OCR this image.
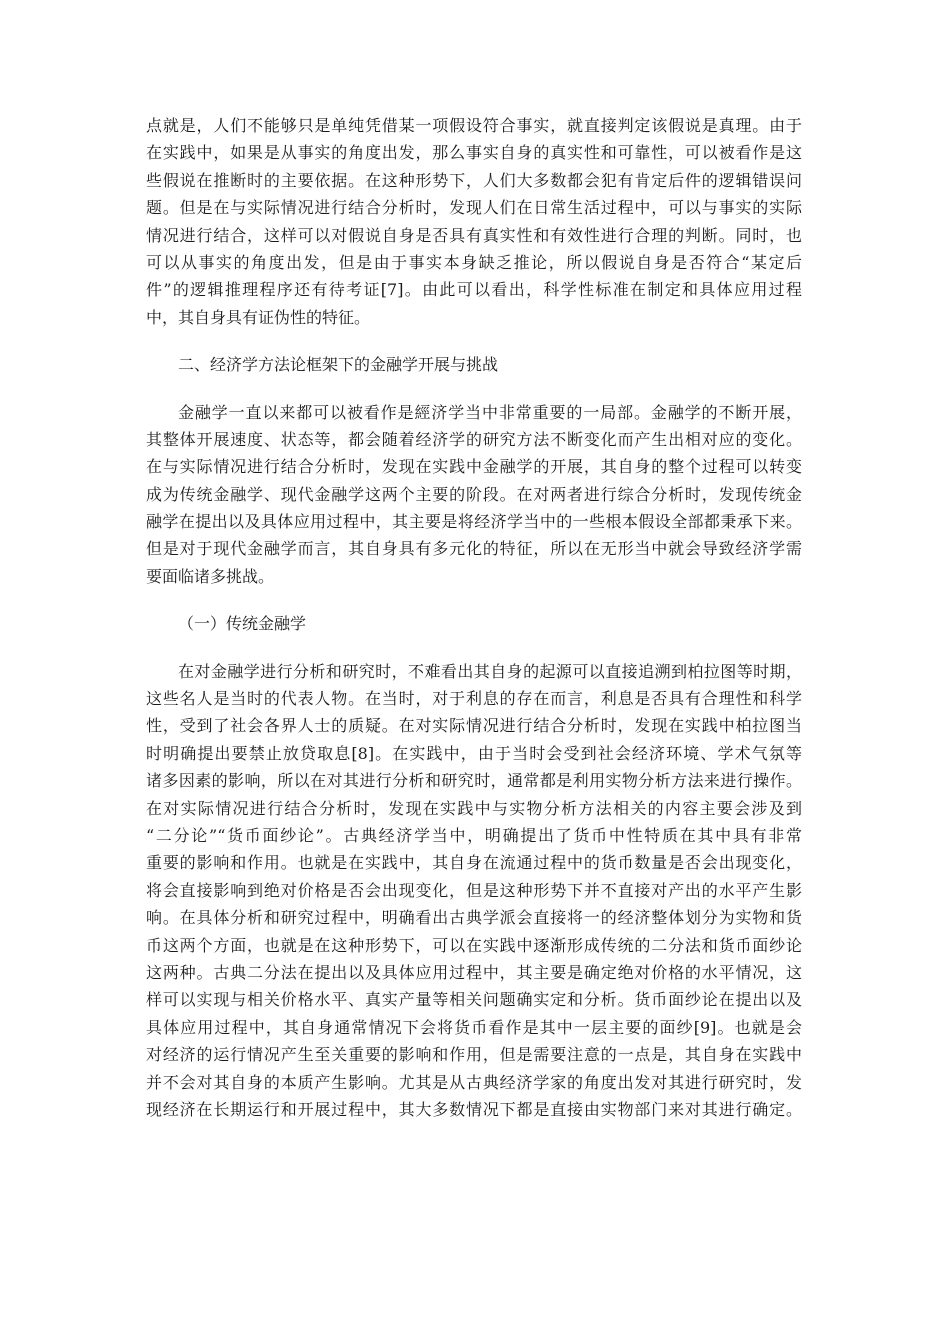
点就是，人们不能够只是单纯凭借某一项假设符合事实，就直接判定该假说是真理。由于
在实践中，如果是从事实的角度出发，那么事实自身的真实性和可靠性，可以被看作是这
些假说在推断时的主要依据。在这种形势下，人们大多数都会犯有肯定后件的逻辑错误问
题。但是在与实际情况进行结合分析时，发现人们在日常生活过程中，可以与事实的实际
情况进行结合，这样可以对假说自身是否具有真实性和有效性进行合理的判断。同时，也
可以从事实的角度出发，但是由于事实本身缺乏推论，所以假说自身是否符合“某定后
件”的逻辑推理程序还有待考证[7]。由此可以看出，科学性标准在制定和具体应用过程
中，其自身具有证伪性的特征。
二、经济学方法论框架下的金融学开展与挑战
金融学一直以来都可以被看作是經济学当中非常重要的一局部。金融学的不断开展，
其整体开展速度、状态等，都会随着经济学的研究方法不断变化而产生出相对应的变化。
在与实际情况进行结合分析时，发现在实践中金融学的开展，其自身的整个过程可以转变
成为传统金融学、现代金融学这两个主要的阶段。在对两者进行综合分析时，发现传统金
融学在提出以及具体应用过程中，其主要是将经济学当中的一些根本假设全部都秉承下来。
但是对于现代金融学而言，其自身具有多元化的特征，所以在无形当中就会导致经济学需
要面临诸多挑战。
（一）传统金融学
在对金融学进行分析和研究时，不难看出其自身的起源可以直接追溯到柏拉图等时期，
这些名人是当时的代表人物。在当时，对于利息的存在而言，利息是否具有合理性和科学
性，受到了社会各界人士的质疑。在对实际情况进行结合分析时，发现在实践中柏拉图当
时明确提出要禁止放贷取息[8]。在实践中，由于当时会受到社会经济环境、学术气氛等
诸多因素的影响，所以在对其进行分析和研究时，通常都是利用实物分析方法来进行操作。
在对实际情况进行结合分析时，发现在实践中与实物分析方法相关的内容主要会涉及到
“二分论”“货币面纱论”。古典经济学当中，明确提出了货币中性特质在其中具有非常
重要的影响和作用。也就是在实践中，其自身在流通过程中的货币数量是否会出现变化，
将会直接影响到绝对价格是否会出现变化，但是这种形势下并不直接对产出的水平产生影
响。在具体分析和研究过程中，明确看出古典学派会直接将一的经济整体划分为实物和货
币这两个方面，也就是在这种形势下，可以在实践中逐渐形成传统的二分法和货币面纱论
这两种。古典二分法在提出以及具体应用过程中，其主要是确定绝对价格的水平情况，这
样可以实现与相关价格水平、真实产量等相关问题确实定和分析。货币面纱论在提出以及
具体应用过程中，其自身通常情况下会将货币看作是其中一层主要的面纱[9]。也就是会
对经济的运行情况产生至关重要的影响和作用，但是需要注意的一点是，其自身在实践中
并不会对其自身的本质产生影响。尤其是从古典经济学家的角度出发对其进行研究时，发
现经济在长期运行和开展过程中，其大多数情况下都是直接由实物部门来对其进行确定。
